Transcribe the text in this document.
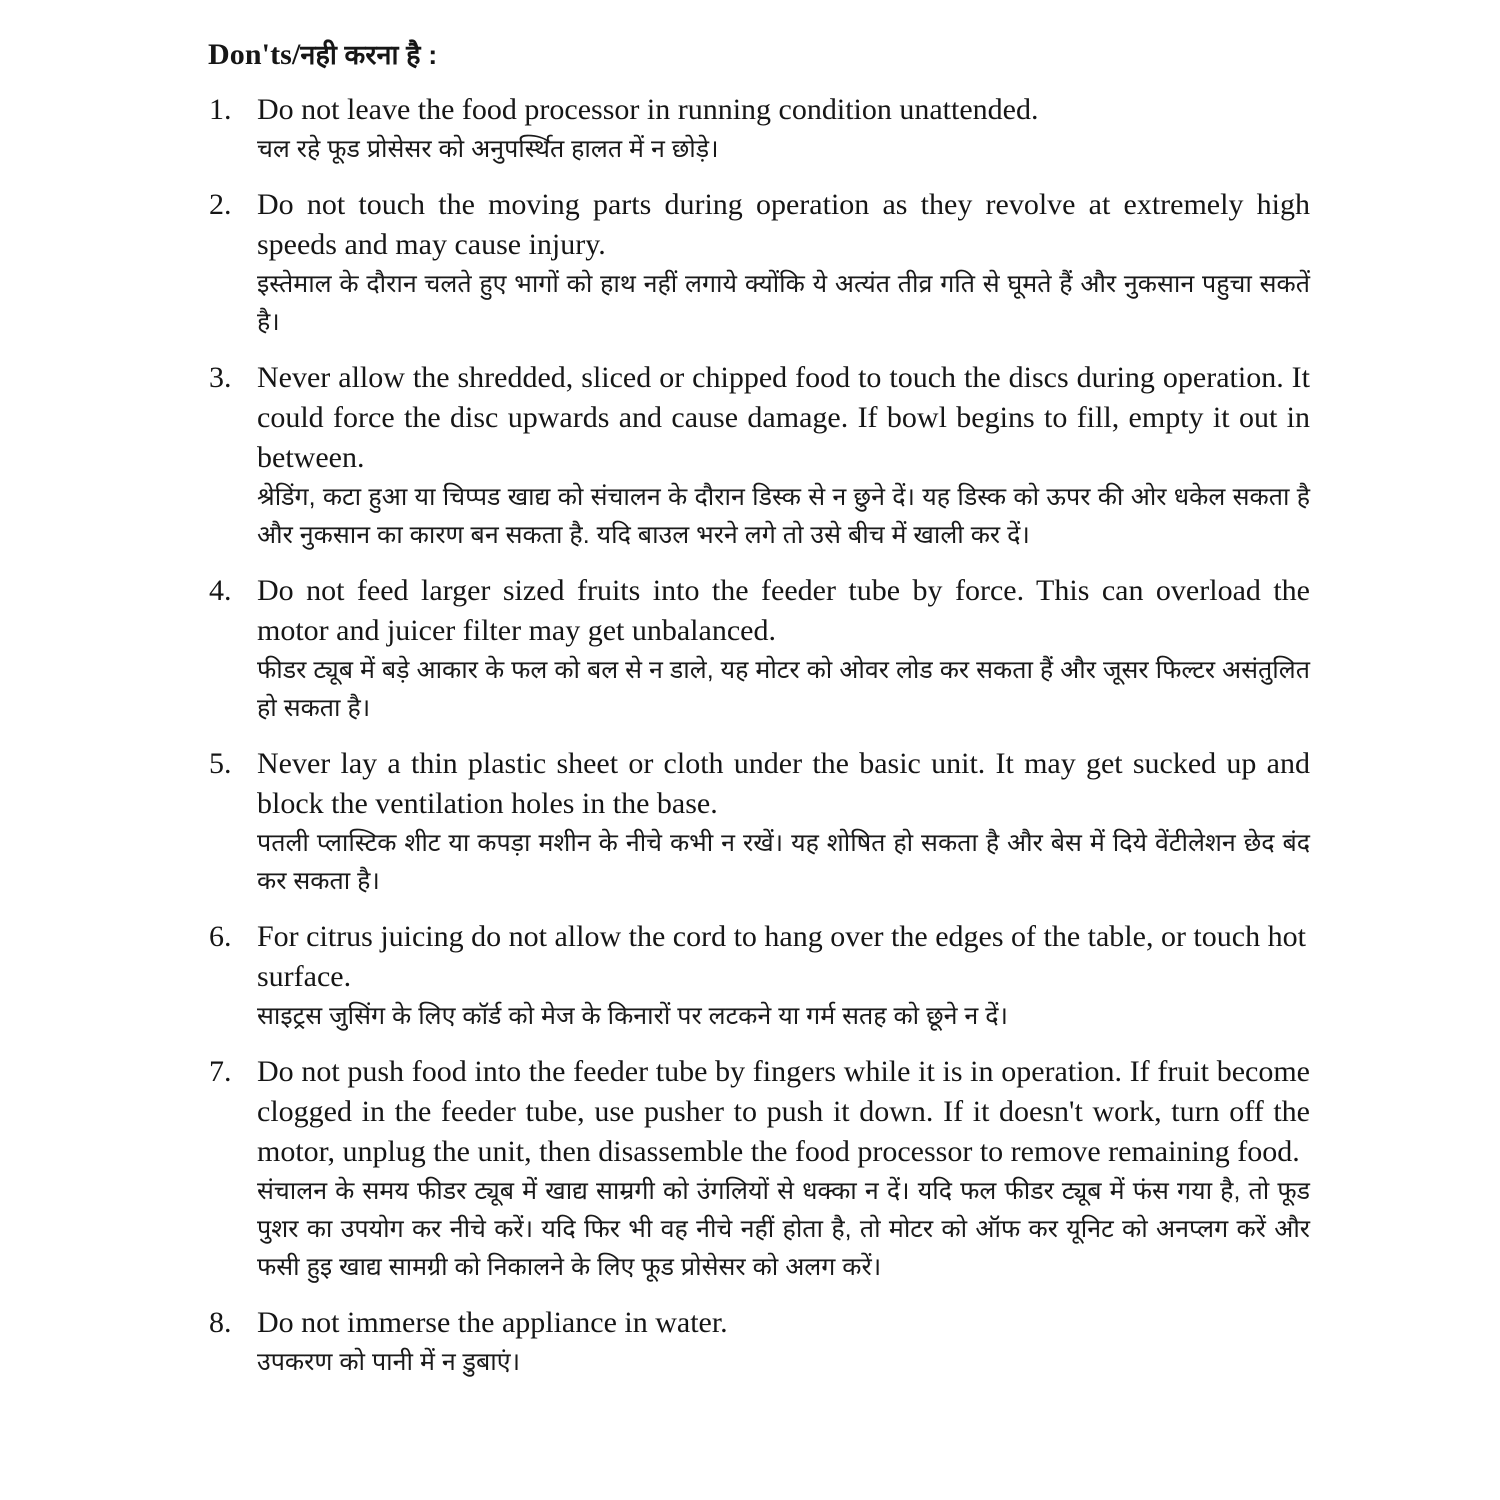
Don'ts/नही करना है :
1. Do not leave the food processor in running condition unattended.

चल रहे फूड प्रोसेसर को अनुपर्स्थित हालत में न छोड़े।

2. Do not touch the moving parts during operation as they revolve at extremely high speeds and may cause injury.

इस्तेमाल के दौरान चलते हुए भागों को हाथ नहीं लगाये क्योंकि ये अत्यंत तीव्र गति से घूमते हैं और नुकसान पहुचा सकतें है।

3. Never allow the shredded, sliced or chipped food to touch the discs during operation. It could force the disc upwards and cause damage. If bowl begins to fill, empty it out in between.

श्रेडिंग, कटा हुआ या चिप्पड खाद्य को संचालन के दौरान डिस्क से न छुने दें। यह डिस्क को ऊपर की ओर धकेल सकता है और नुकसान का कारण बन सकता है. यदि बाउल भरने लगे तो उसे बीच में खाली कर दें।

4. Do not feed larger sized fruits into the feeder tube by force. This can overload the motor and juicer filter may get unbalanced.

फीडर ट्यूब में बड़े आकार के फल को बल से न डाले, यह मोटर को ओवर लोड कर सकता हैं और जूसर फिल्टर असंतुलित हो सकता है।

5. Never lay a thin plastic sheet or cloth under the basic unit. It may get sucked up and block the ventilation holes in the base.

पतली प्लास्टिक शीट या कपड़ा मशीन के नीचे कभी न रखें। यह शोषित हो सकता है और बेस में दिये वेंटीलेशन छेद बंद कर सकता है।

6. For citrus juicing do not allow the cord to hang over the edges of the table, or touch hot surface.

साइट्रस जुसिंग के लिए कॉर्ड को मेज के किनारों पर लटकने या गर्म सतह को छूने न दें।

7. Do not push food into the feeder tube by fingers while it is in operation. If fruit become clogged in the feeder tube, use pusher to push it down. If it doesn't work, turn off the motor, unplug the unit, then disassemble the food processor to remove remaining food.

संचालन के समय फीडर ट्यूब में खाद्य साम्रगी को उंगलियों से धक्का न दें। यदि फल फीडर ट्यूब में फंस गया है, तो फूड पुशर का उपयोग कर नीचे करें। यदि फिर भी वह नीचे नहीं होता है, तो मोटर को ऑफ कर यूनिट को अनप्लग करें और फसी हुइ खाद्य सामग्री को निकालने के लिए फूड प्रोसेसर को अलग करें।

8. Do not immerse the appliance in water.

उपकरण को पानी में न डुबाएं।
